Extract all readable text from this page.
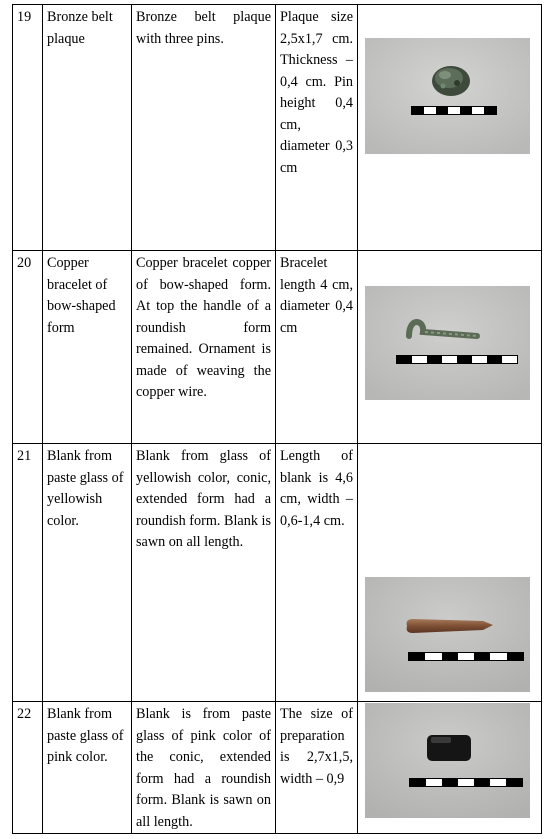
19	Bronze belt plaque	Bronze belt plaque with three pins.	Plaque size 2,5x1,7 cm. Thickness – 0,4 cm. Pin height 0,4 cm, diameter 0,3 cm

20	Copper bracelet of bow-shaped form	Copper bracelet copper of bow-shaped form. At top the handle of a roundish form remained. Ornament is made of weaving the copper wire.	Bracelet length 4 cm, diameter 0,4 cm

21	Blank from paste glass of yellowish color.	Blank from glass of yellowish color, conic, extended form had a roundish form. Blank is sawn on all length.	Length of blank is 4,6 cm, width – 0,6-1,4 cm.

22	Blank from paste glass of pink color.	Blank is from paste glass of pink color of the conic, extended form had a roundish form. Blank is sawn on all length.	The size of preparation is 2,7x1,5, width – 0,9
